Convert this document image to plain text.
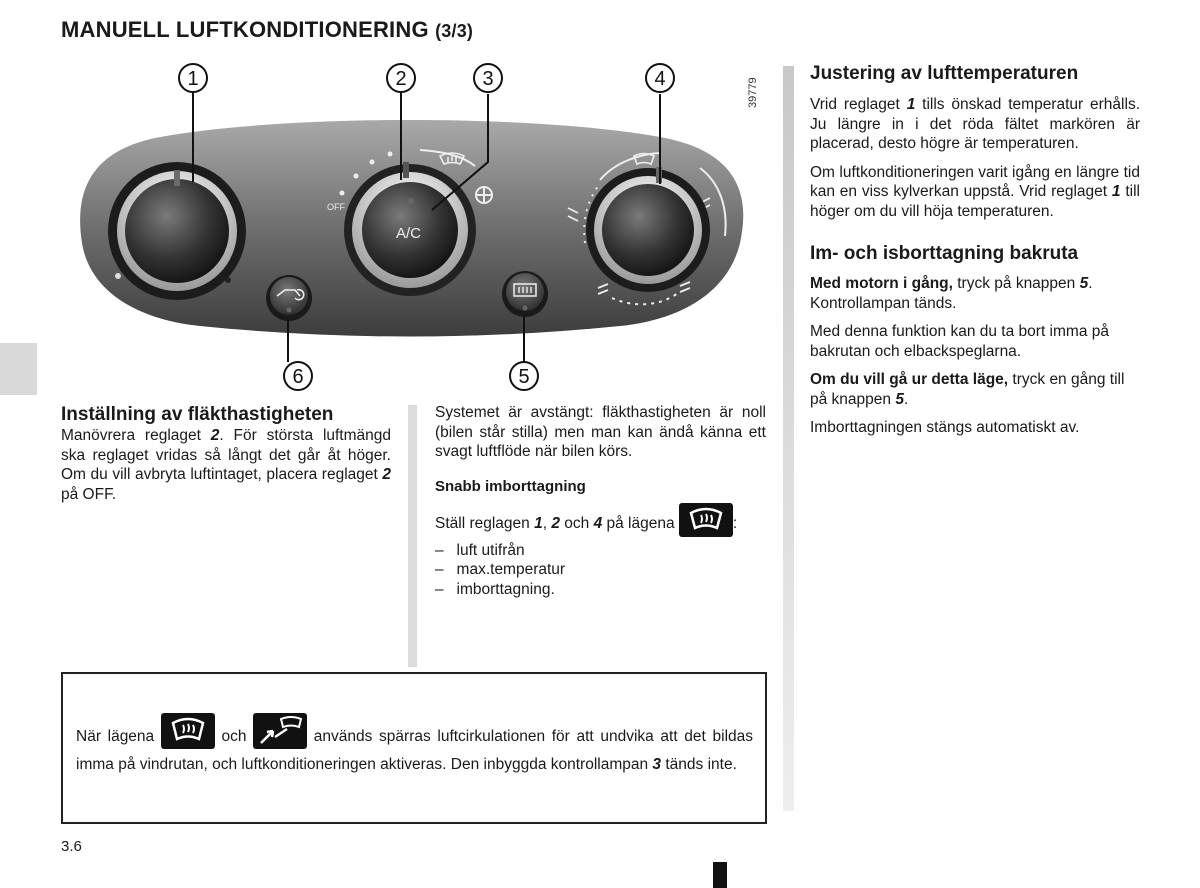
MANUELL LUFTKONDITIONERING (3/3)
OFF
A/C
1	2	3	4
5
6
39779
Inställning av fläkthastigheten
Manövrera reglaget 2. För största luftmängd ska reglaget vridas så långt det går åt höger. Om du vill avbryta luftintaget, placera reglaget 2 på OFF.
Systemet är avstängt: fläkthastigheten är noll (bilen står stilla) men man kan ändå känna ett svagt luftflöde när bilen körs.
Snabb imborttagning
Ställ reglagen 1, 2 och 4 på lägena	:
–   luft utifrån
–   max.temperatur
–   imborttagning.
Justering av lufttemperaturen

Vrid reglaget 1 tills önskad temperatur erhålls. Ju längre in i det röda fältet markören är placerad, desto högre är temperaturen.

Om luftkonditioneringen varit igång en längre tid kan en viss kylverkan uppstå. Vrid reglaget 1 till höger om du vill höja temperaturen.

Im- och isborttagning bakruta

Med motorn i gång, tryck på knappen 5.
Kontrollampan tänds.

Med denna funktion kan du ta bort imma på bakrutan och elbackspeglarna.

Om du vill gå ur detta läge, tryck en gång till på knappen 5.

Imborttagningen stängs automatiskt av.

När lägena	och	används spärras luftcirkulationen för att undvika att det bildas imma på vindrutan, och luftkonditioneringen aktiveras. Den inbyggda kontrollampan 3 tänds inte.
3.6
